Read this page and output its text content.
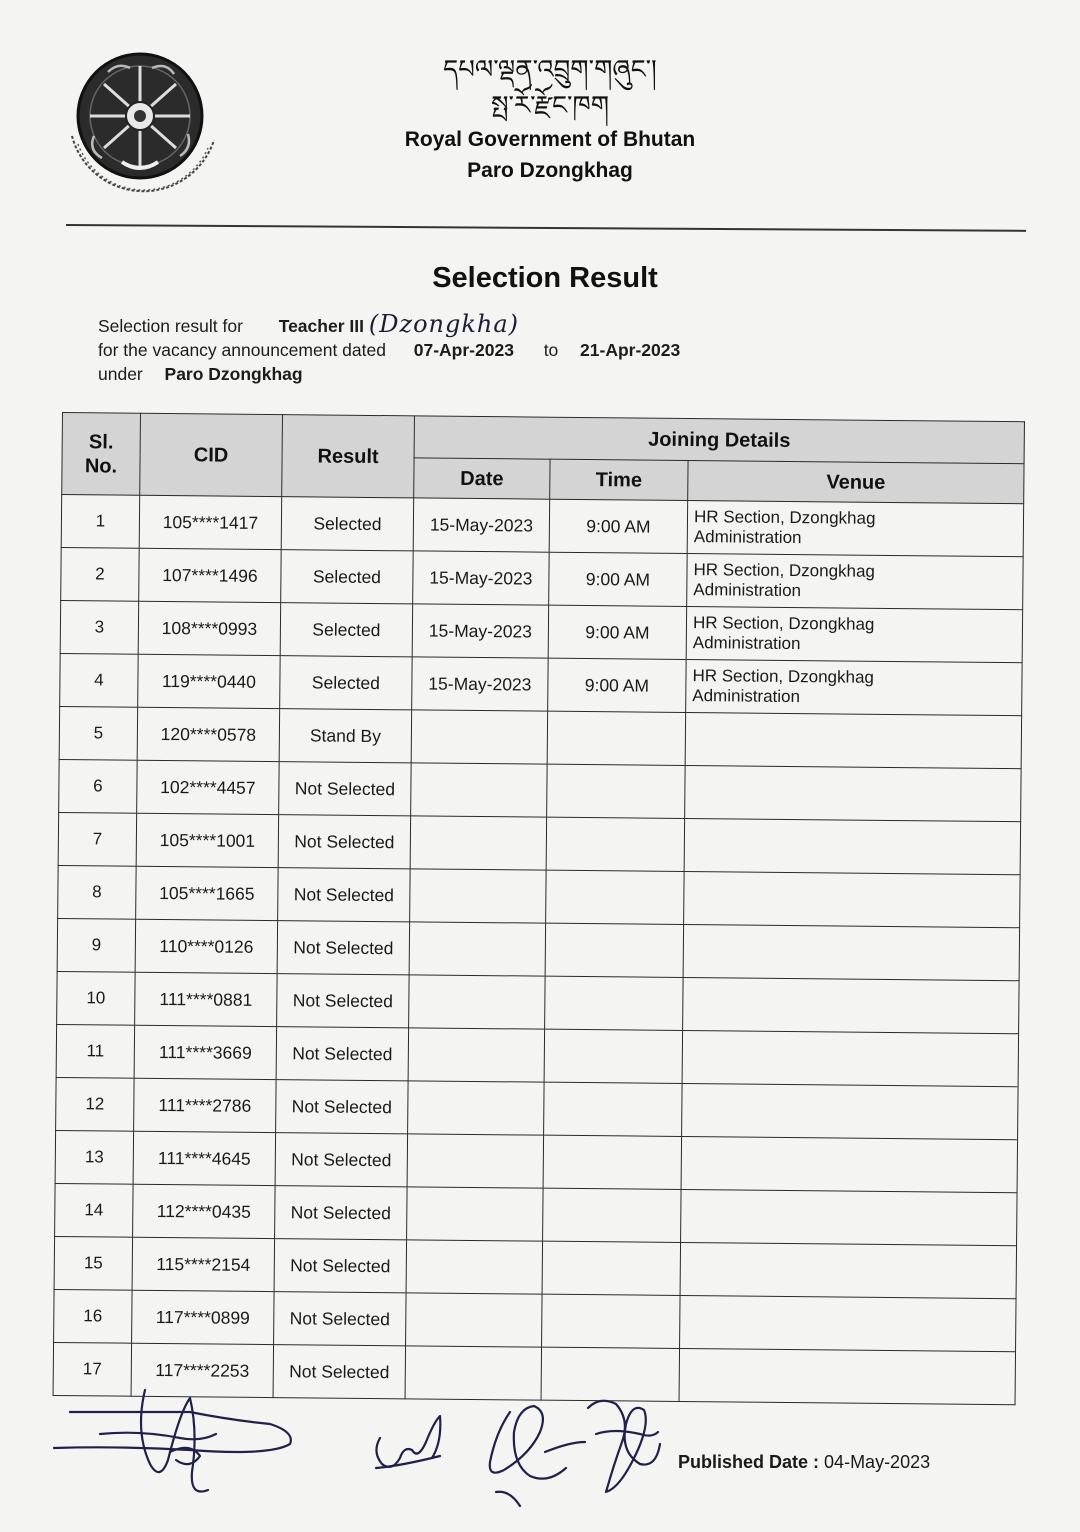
དཔལ་ལྡན་འབྲུག་གཞུང་།
སྤ་རོ་རྫོང་ཁག
Royal Government of Bhutan
Paro Dzongkhag
Selection Result
Selection result for Teacher III (Dzongkha)
for the vacancy announcement dated 07-Apr-2023 to 21-Apr-2023
under Paro Dzongkhag
Sl.
No.	CID	Result	Joining Details		
			Date	Time	Venue
1	105****1417	Selected	15-May-2023	9:00 AM	HR Section, Dzongkhag
Administration

2	107****1496	Selected	15-May-2023	9:00 AM	HR Section, Dzongkhag
Administration

3	108****0993	Selected	15-May-2023	9:00 AM	HR Section, Dzongkhag
Administration

4	119****0440	Selected	15-May-2023	9:00 AM	HR Section, Dzongkhag
Administration

5	120****0578	Stand By			

6	102****4457	Not Selected			

7	105****1001	Not Selected			

8	105****1665	Not Selected			

9	110****0126	Not Selected			

10	111****0881	Not Selected			

11	111****3669	Not Selected			

12	111****2786	Not Selected			

13	111****4645	Not Selected			

14	112****0435	Not Selected			

15	115****2154	Not Selected			

16	117****0899	Not Selected			

17	117****2253	Not Selected			
Published Date : 04-May-2023
